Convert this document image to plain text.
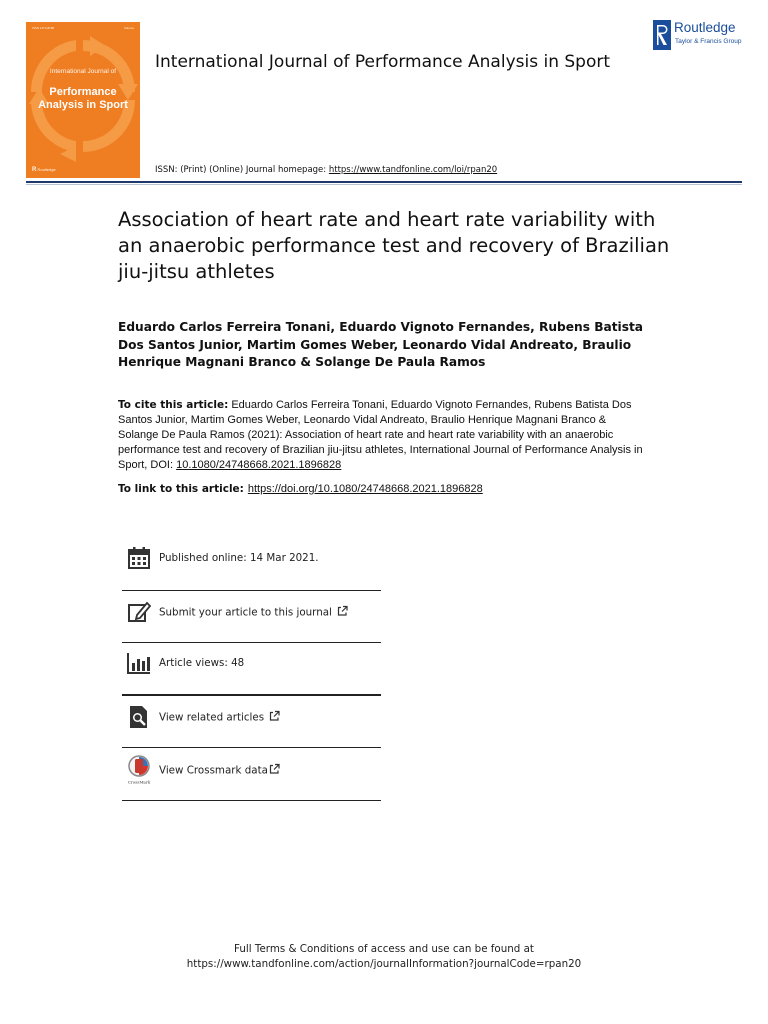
ISSN 1474-8185	Volume
International Journal of
Performance Analysis in Sport
R Routledge
International Journal of Performance Analysis in Sport
Routledge
Taylor & Francis Group
ISSN: (Print) (Online) Journal homepage: https://www.tandfonline.com/loi/rpan20
Association of heart rate and heart rate variability with an anaerobic performance test and recovery of Brazilian jiu-jitsu athletes
Eduardo Carlos Ferreira Tonani, Eduardo Vignoto Fernandes, Rubens Batista Dos Santos Junior, Martim Gomes Weber, Leonardo Vidal Andreato, Braulio Henrique Magnani Branco & Solange De Paula Ramos
To cite this article: Eduardo Carlos Ferreira Tonani, Eduardo Vignoto Fernandes, Rubens Batista Dos Santos Junior, Martim Gomes Weber, Leonardo Vidal Andreato, Braulio Henrique Magnani Branco & Solange De Paula Ramos (2021): Association of heart rate and heart rate variability with an anaerobic performance test and recovery of Brazilian jiu-jitsu athletes, International Journal of Performance Analysis in Sport, DOI: 10.1080/24748668.2021.1896828
To link to this article: https://doi.org/10.1080/24748668.2021.1896828
Published online: 14 Mar 2021.
Submit your article to this journal
Article views: 48
View related articles
CrossMark
View Crossmark data
Full Terms & Conditions of access and use can be found at
https://www.tandfonline.com/action/journalInformation?journalCode=rpan20
